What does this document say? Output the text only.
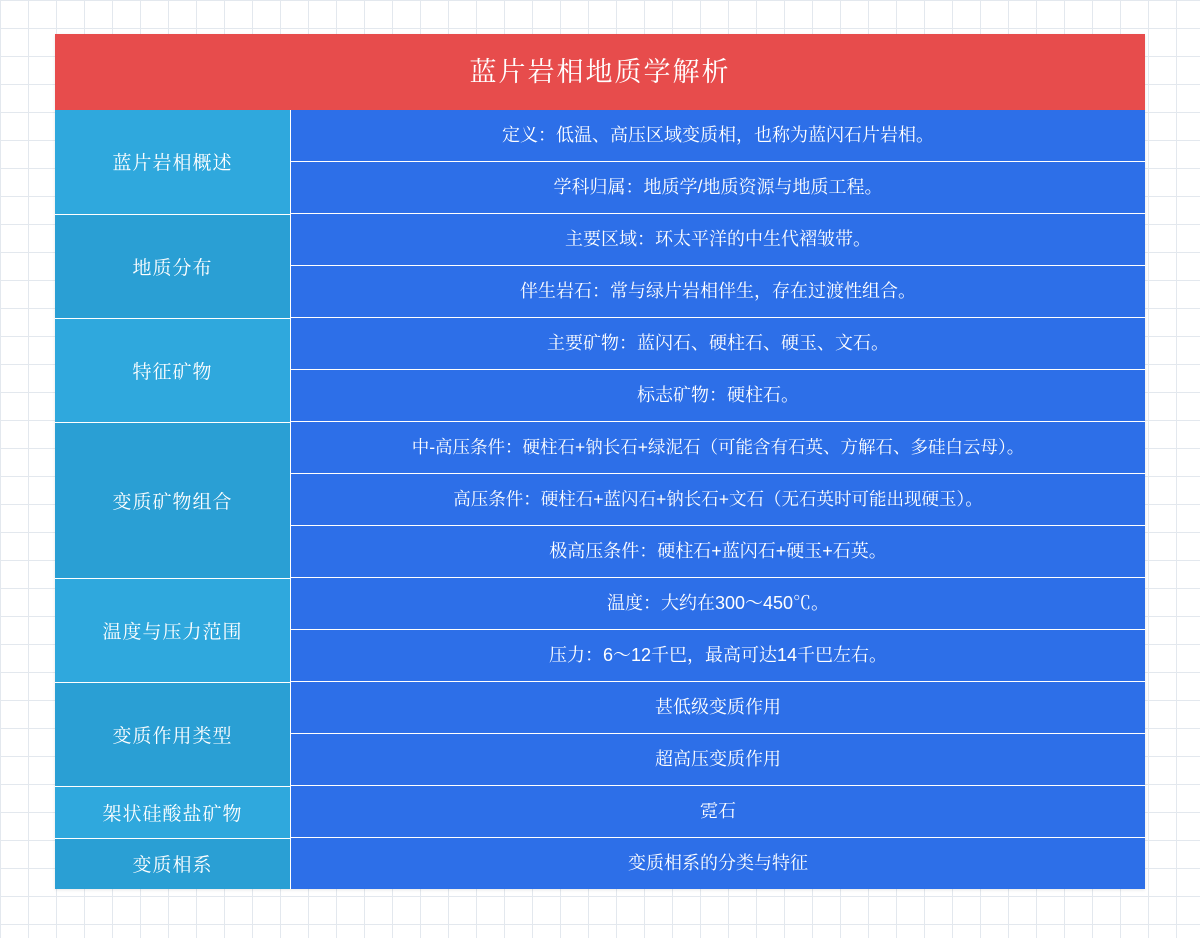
蓝片岩相地质学解析
蓝片岩相概述	
定义：低温、高压区域变质相，也称为蓝闪石片岩相。
学科归属：地质学/地质资源与地质工程。

地质分布	
主要区域：环太平洋的中生代褶皱带。
伴生岩石：常与绿片岩相伴生，存在过渡性组合。

特征矿物	
主要矿物：蓝闪石、硬柱石、硬玉、文石。
标志矿物：硬柱石。

变质矿物组合	
中-高压条件：硬柱石+钠长石+绿泥石（可能含有石英、方解石、多硅白云母）。
高压条件：硬柱石+蓝闪石+钠长石+文石（无石英时可能出现硬玉）。
极高压条件：硬柱石+蓝闪石+硬玉+石英。

温度与压力范围	
温度：大约在300～450℃。
压力：6～12千巴，最高可达14千巴左右。

变质作用类型	
甚低级变质作用
超高压变质作用

架状硅酸盐矿物	霓石

变质相系	变质相系的分类与特征
